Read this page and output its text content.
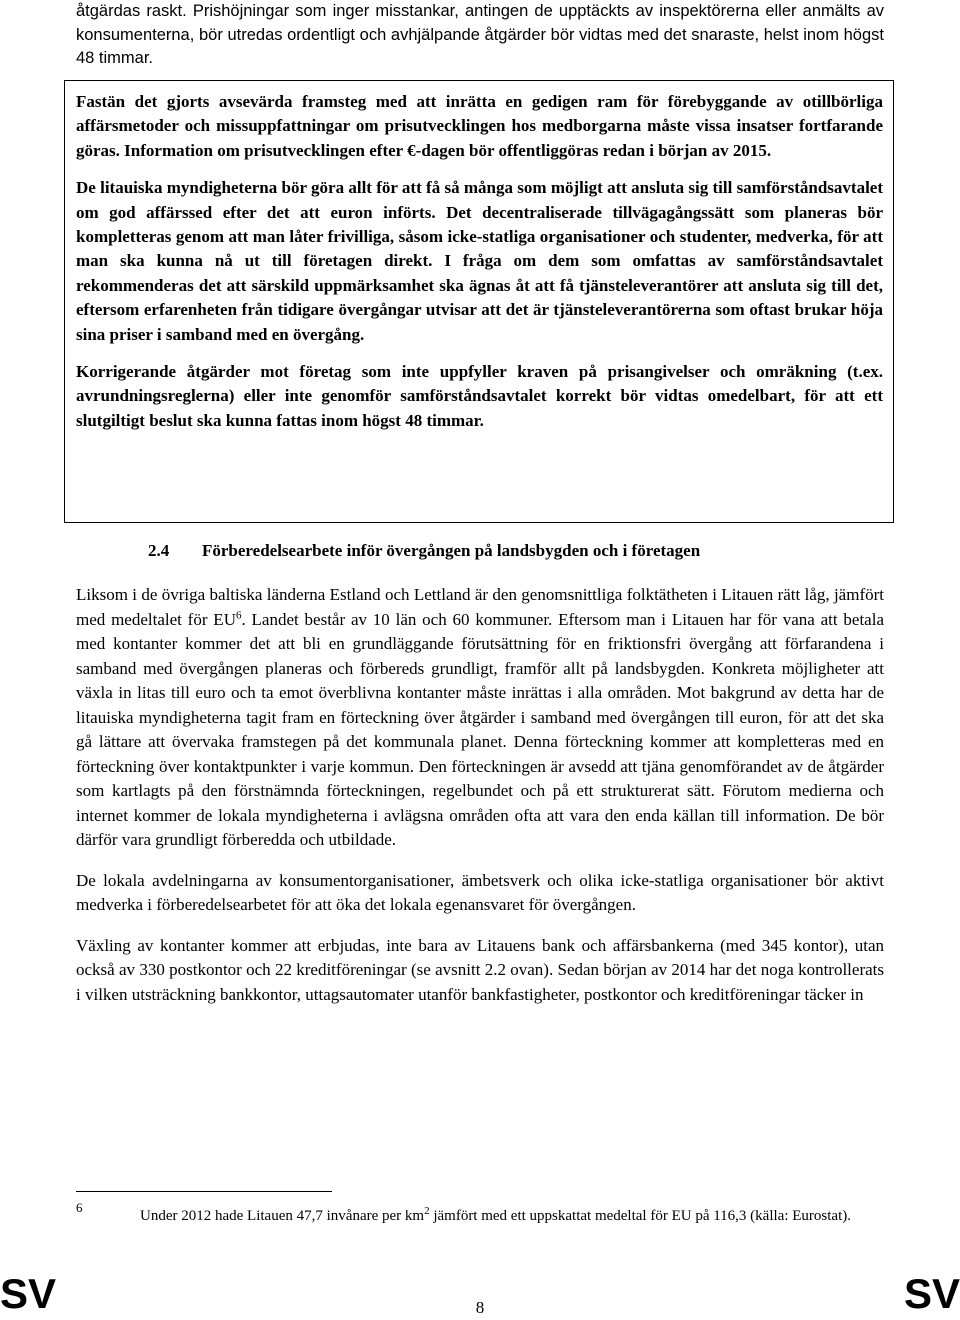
åtgärdas raskt. Prishöjningar som inger misstankar, antingen de upptäckts av inspektörerna eller anmälts av konsumenterna, bör utredas ordentligt och avhjälpande åtgärder bör vidtas med det snaraste, helst inom högst 48 timmar.

Fastän det gjorts avsevärda framsteg med att inrätta en gedigen ram för förebyggande av otillbörliga affärsmetoder och missuppfattningar om prisutvecklingen hos medborgarna måste vissa insatser fortfarande göras. Information om prisutvecklingen efter €-dagen bör offentliggöras redan i början av 2015.

De litauiska myndigheterna bör göra allt för att få så många som möjligt att ansluta sig till samförståndsavtalet om god affärssed efter det att euron införts. Det decentraliserade tillvägagångssätt som planeras bör kompletteras genom att man låter frivilliga, såsom icke-statliga organisationer och studenter, medverka, för att man ska kunna nå ut till företagen direkt. I fråga om dem som omfattas av samförståndsavtalet rekommenderas det att särskild uppmärksamhet ska ägnas åt att få tjänsteleverantörer att ansluta sig till det, eftersom erfarenheten från tidigare övergångar utvisar att det är tjänsteleverantörerna som oftast brukar höja sina priser i samband med en övergång.

Korrigerande åtgärder mot företag som inte uppfyller kraven på prisangivelser och omräkning (t.ex. avrundningsreglerna) eller inte genomför samförståndsavtalet korrekt bör vidtas omedelbart, för att ett slutgiltigt beslut ska kunna fattas inom högst 48 timmar.

2.4 Förberedelsearbete inför övergången på landsbygden och i företagen

Liksom i de övriga baltiska länderna Estland och Lettland är den genomsnittliga folktätheten i Litauen rätt låg, jämfört med medeltalet för $EU^6$. Landet består av 10 län och 60 kommuner. Eftersom man i Litauen har för vana att betala med kontanter kommer det att bli en grundläggande förutsättning för en friktionsfri övergång att förfarandena i samband med övergången planeras och förbereds grundligt, framför allt på landsbygden. Konkreta möjligheter att växla in litas till euro och ta emot överblivna kontanter måste inrättas i alla områden. Mot bakgrund av detta har de litauiska myndigheterna tagit fram en förteckning över åtgärder i samband med övergången till euron, för att det ska gå lättare att övervaka framstegen på det kommunala planet. Denna förteckning kommer att kompletteras med en förteckning över kontaktpunkter i varje kommun. Den förteckningen är avsedd att tjäna genomförandet av de åtgärder som kartlagts på den förstnämnda förteckningen, regelbundet och på ett strukturerat sätt. Förutom medierna och internet kommer de lokala myndigheterna i avlägsna områden ofta att vara den enda källan till information. De bör därför vara grundligt förberedda och utbildade.

De lokala avdelningarna av konsumentorganisationer, ämbetsverk och olika icke-statliga organisationer bör aktivt medverka i förberedelsearbetet för att öka det lokala egenansvaret för övergången.

Växling av kontanter kommer att erbjudas, inte bara av Litauens bank och affärsbankerna (med 345 kontor), utan också av 330 postkontor och 22 kreditföreningar (se avsnitt 2.2 ovan). Sedan början av 2014 har det noga kontrollerats i vilken utsträckning bankkontor, uttagsautomater utanför bankfastigheter, postkontor och kreditföreningar täcker in

6

Under 2012 hade Litauen 47,7 invånare per $km^2$ jämfört med ett uppskattat medeltal för EU på 116,3 (källa: Eurostat).

SV	8	SV
